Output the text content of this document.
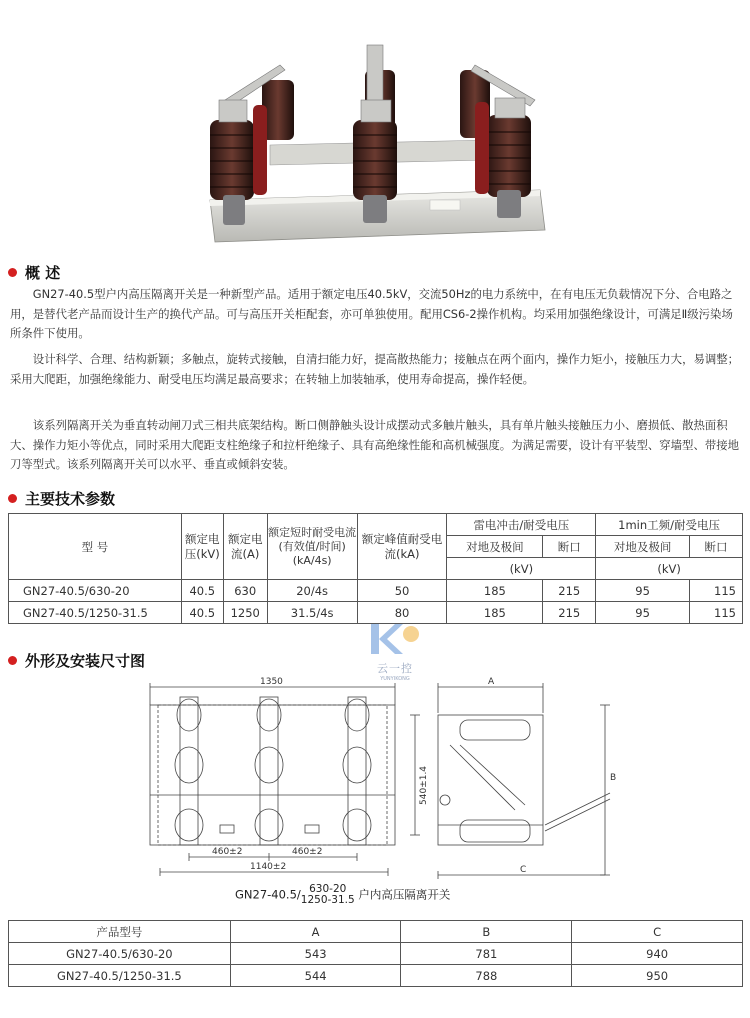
概 述
GN27-40.5型户内高压隔离开关是一种新型产品。适用于额定电压40.5kV，交流50Hz的电力系统中，在有电压无负载情况下分、合电路之用，是替代老产品而设计生产的换代产品。可与高压开关柜配套，亦可单独使用。配用CS6-2操作机构。均采用加强绝缘设计，可满足Ⅱ级污染场所条件下使用。
设计科学、合理、结构新颖；多触点，旋转式接触，自清扫能力好，提高散热能力；接触点在两个面内，操作力矩小，接触压力大，易调整；采用大爬距，加强绝缘能力、耐受电压均满足最高要求；在转轴上加装轴承，使用寿命提高，操作轻便。
该系列隔离开关为垂直转动闸刀式三相共底架结构。断口侧静触头设计成摆动式多触片触头，具有单片触头接触压力小、磨损低、散热面积大、操作力矩小等优点，同时采用大爬距支柱绝缘子和拉杆绝缘子、具有高绝缘性能和高机械强度。为满足需要，设计有平装型、穿墙型、带接地刀等型式。该系列隔离开关可以水平、垂直或倾斜安装。
主要技术参数
型 号	额定电压(kV)	额定电流(A)	额定短时耐受电流(有效值/时间)(kA/4s)	额定峰值耐受电流(kA)	雷电冲击/耐受电压		1min工频/耐受电压	
					对地及极间	断口	对地及极间	断口
					(kV)		(kV)	
GN27-40.5/630-20	40.5	630	20/4s	50	185	215	95	115
GN27-40.5/1250-31.5	40.5	1250	31.5/4s	80	185	215	95	115
云一控
YUNYIKONG
外形及安装尺寸图
1350
540±1.4
460±2	460±2
1140±2
A
B
C
GN27-40.5/ 630-20
1250-31.5 户内高压隔离开关
产品型号	A	B	C
GN27-40.5/630-20	543	781	940
GN27-40.5/1250-31.5	544	788	950
